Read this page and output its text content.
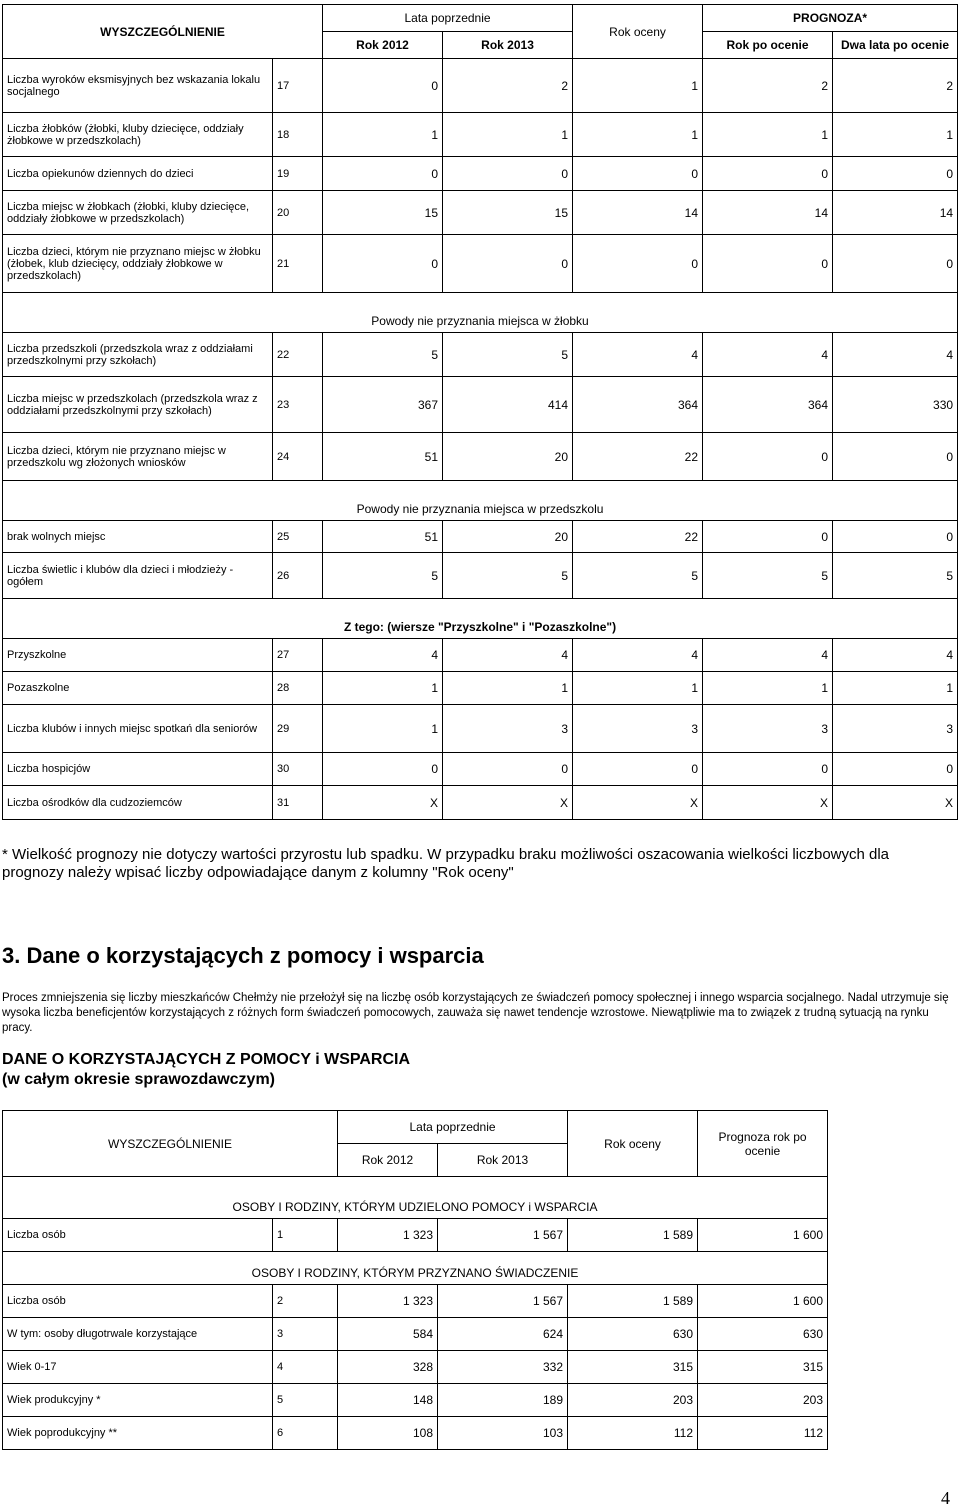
WYSZCZEGÓLNIENIE		Lata poprzednie		Rok oceny	PROGNOZA*	
		Rok 2012	Rok 2013		Rok po ocenie	Dwa lata po ocenie
Liczba wyroków eksmisyjnych bez wskazania lokalu socjalnego	17	0	2	1	2	2
Liczba żłobków (żłobki, kluby dziecięce, oddziały żłobkowe w przedszkolach)	18	1	1	1	1	1
Liczba opiekunów dziennych do dzieci	19	0	0	0	0	0
Liczba miejsc w żłobkach (żłobki, kluby dziecięce, oddziały żłobkowe w przedszkolach)	20	15	15	14	14	14
Liczba dzieci, którym nie przyznano miejsc w żłobku (żłobek, klub dziecięcy, oddziały żłobkowe w przedszkolach)	21	0	0	0	0	0
Powody nie przyznania miejsca w żłobku						
Liczba przedszkoli (przedszkola wraz z oddziałami przedszkolnymi przy szkołach)	22	5	5	4	4	4
Liczba miejsc w przedszkolach (przedszkola wraz z oddziałami przedszkolnymi przy szkołach)	23	367	414	364	364	330
Liczba dzieci, którym nie przyznano miejsc w przedszkolu wg złożonych wniosków	24	51	20	22	0	0
Powody nie przyznania miejsca w przedszkolu						
brak wolnych miejsc	25	51	20	22	0	0
Liczba świetlic i klubów dla dzieci i młodzieży - ogółem	26	5	5	5	5	5
Z tego: (wiersze "Przyszkolne" i "Pozaszkolne")						
Przyszkolne	27	4	4	4	4	4
Pozaszkolne	28	1	1	1	1	1
Liczba klubów i innych miejsc spotkań dla seniorów	29	1	3	3	3	3
Liczba hospicjów	30	0	0	0	0	0
Liczba ośrodków dla cudzoziemców	31	X	X	X	X	X
* Wielkość prognozy nie dotyczy wartości przyrostu lub spadku. W przypadku braku możliwości oszacowania wielkości liczbowych dla prognozy należy wpisać liczby odpowiadające danym z kolumny "Rok oceny"
3. Dane o korzystających z pomocy i wsparcia
Proces zmniejszenia się liczby mieszkańców Chełmży nie przełożył się na liczbę osób korzystających ze świadczeń pomocy społecznej i innego wsparcia socjalnego. Nadal utrzymuje się wysoka liczba beneficjentów korzystających z różnych form świadczeń pomocowych, zauważa się nawet tendencje wzrostowe. Niewątpliwie ma to związek z trudną sytuacją na rynku pracy.
DANE O KORZYSTAJĄCYCH Z POMOCY i WSPARCIA
(w całym okresie sprawozdawczym)
WYSZCZEGÓLNIENIE		Lata poprzednie		Rok oceny	Prognoza rok po ocenie
		Rok 2012	Rok 2013		
OSOBY I RODZINY, KTÓRYM UDZIELONO POMOCY i WSPARCIA					
Liczba osób	1	1 323	1 567	1 589	1 600
OSOBY I RODZINY, KTÓRYM PRZYZNANO ŚWIADCZENIE					
Liczba osób	2	1 323	1 567	1 589	1 600
W tym: osoby długotrwale korzystające	3	584	624	630	630
Wiek 0-17	4	328	332	315	315
Wiek produkcyjny *	5	148	189	203	203
Wiek poprodukcyjny **	6	108	103	112	112
4
